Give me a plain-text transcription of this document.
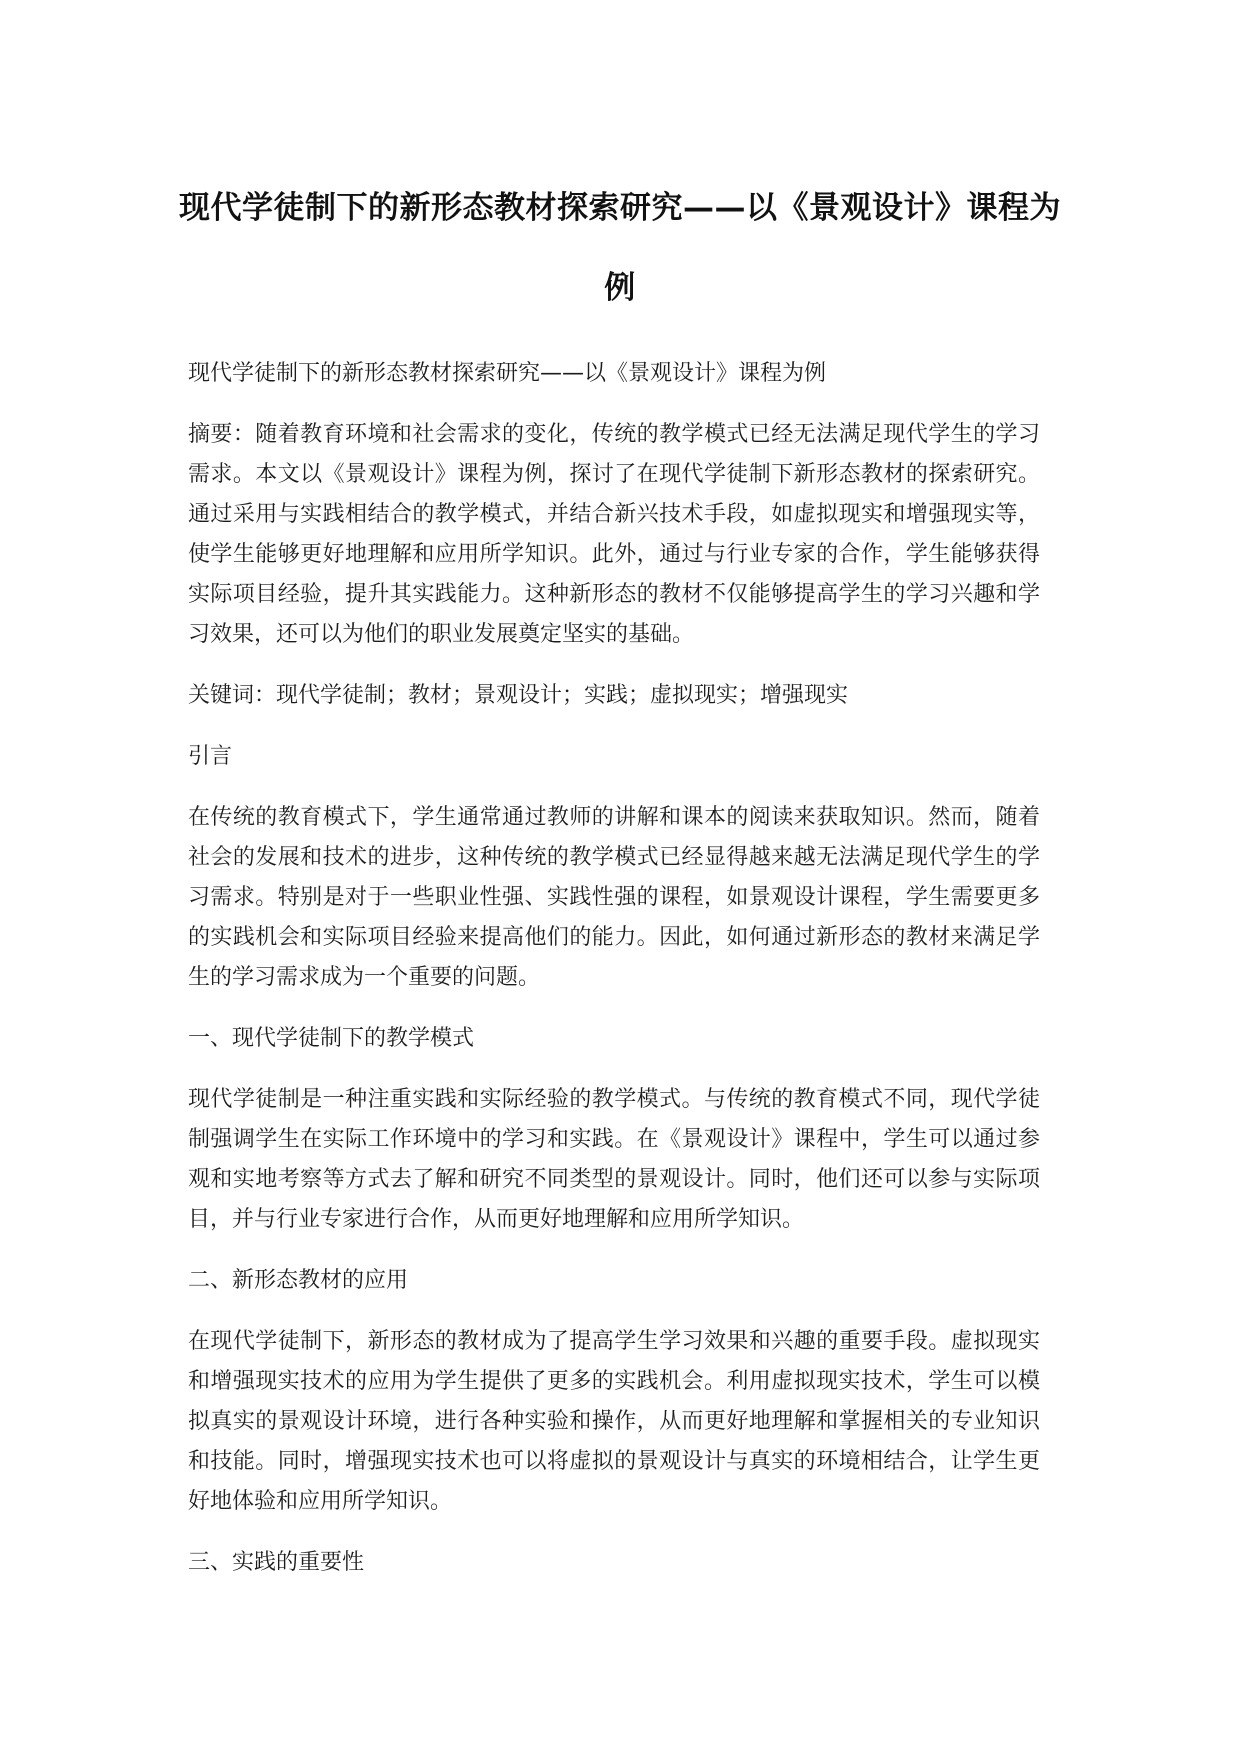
现代学徒制下的新形态教材探索研究——以《景观设计》课程为例

现代学徒制下的新形态教材探索研究——以《景观设计》课程为例

摘要：随着教育环境和社会需求的变化，传统的教学模式已经无法满足现代学生的学习需求。本文以《景观设计》课程为例，探讨了在现代学徒制下新形态教材的探索研究。通过采用与实践相结合的教学模式，并结合新兴技术手段，如虚拟现实和增强现实等，使学生能够更好地理解和应用所学知识。此外，通过与行业专家的合作，学生能够获得实际项目经验，提升其实践能力。这种新形态的教材不仅能够提高学生的学习兴趣和学习效果，还可以为他们的职业发展奠定坚实的基础。

关键词：现代学徒制；教材；景观设计；实践；虚拟现实；增强现实

引言

在传统的教育模式下，学生通常通过教师的讲解和课本的阅读来获取知识。然而，随着社会的发展和技术的进步，这种传统的教学模式已经显得越来越无法满足现代学生的学习需求。特别是对于一些职业性强、实践性强的课程，如景观设计课程，学生需要更多的实践机会和实际项目经验来提高他们的能力。因此，如何通过新形态的教材来满足学生的学习需求成为一个重要的问题。

一、现代学徒制下的教学模式

现代学徒制是一种注重实践和实际经验的教学模式。与传统的教育模式不同，现代学徒制强调学生在实际工作环境中的学习和实践。在《景观设计》课程中，学生可以通过参观和实地考察等方式去了解和研究不同类型的景观设计。同时，他们还可以参与实际项目，并与行业专家进行合作，从而更好地理解和应用所学知识。

二、新形态教材的应用

在现代学徒制下，新形态的教材成为了提高学生学习效果和兴趣的重要手段。虚拟现实和增强现实技术的应用为学生提供了更多的实践机会。利用虚拟现实技术，学生可以模拟真实的景观设计环境，进行各种实验和操作，从而更好地理解和掌握相关的专业知识和技能。同时，增强现实技术也可以将虚拟的景观设计与真实的环境相结合，让学生更好地体验和应用所学知识。

三、实践的重要性
